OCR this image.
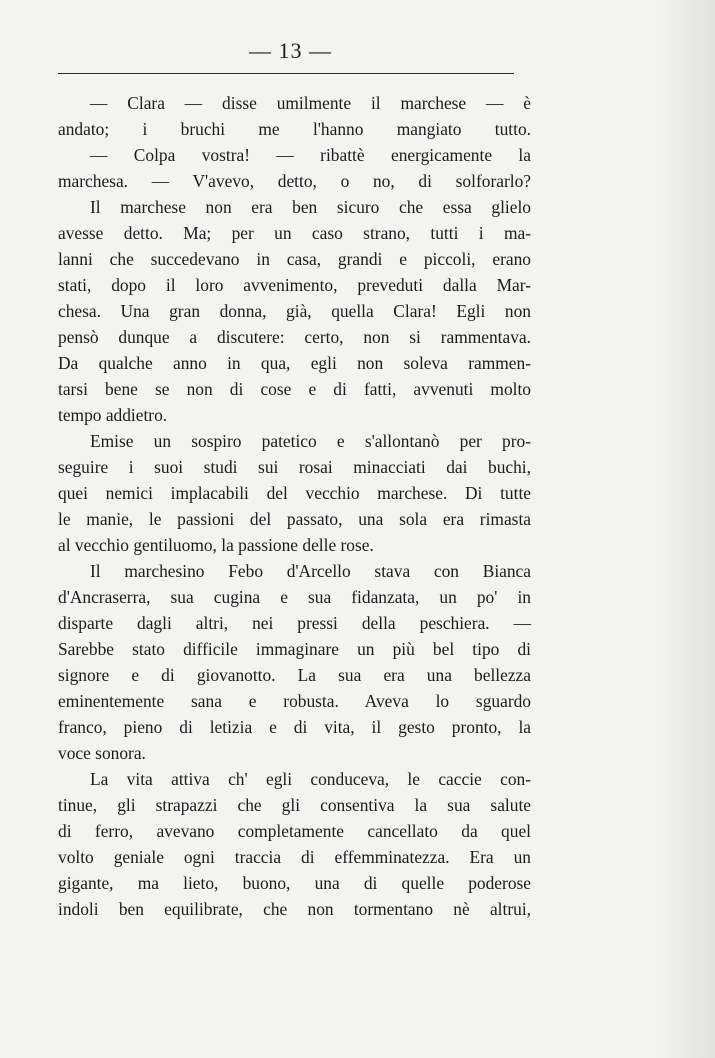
— 13 —
— Clara — disse umilmente il marchese — è
andato; i bruchi me l'hanno mangiato tutto.
— Colpa vostra! — ribattè energicamente la
marchesa. — V'avevo, detto, o no, di solforarlo?
Il marchese non era ben sicuro che essa glielo
avesse detto. Ma; per un caso strano, tutti i ma-
lanni che succedevano in casa, grandi e piccoli, erano
stati, dopo il loro avvenimento, preveduti dalla Mar-
chesa. Una gran donna, già, quella Clara! Egli non
pensò dunque a discutere: certo, non si rammentava.
Da qualche anno in qua, egli non soleva rammen-
tarsi bene se non di cose e di fatti, avvenuti molto
tempo addietro.
Emise un sospiro patetico e s'allontanò per pro-
seguire i suoi studi sui rosai minacciati dai buchi,
quei nemici implacabili del vecchio marchese. Di tutte
le manie, le passioni del passato, una sola era rimasta
al vecchio gentiluomo, la passione delle rose.
Il marchesino Febo d'Arcello stava con Bianca
d'Ancraserra, sua cugina e sua fidanzata, un po' in
disparte dagli altri, nei pressi della peschiera. —
Sarebbe stato difficile immaginare un più bel tipo di
signore e di giovanotto. La sua era una bellezza
eminentemente sana e robusta. Aveva lo sguardo
franco, pieno di letizia e di vita, il gesto pronto, la
voce sonora.
La vita attiva ch' egli conduceva, le caccie con-
tinue, gli strapazzi che gli consentiva la sua salute
di ferro, avevano completamente cancellato da quel
volto geniale ogni traccia di effemminatezza. Era un
gigante, ma lieto, buono, una di quelle poderose
indoli ben equilibrate, che non tormentano nè altrui,
